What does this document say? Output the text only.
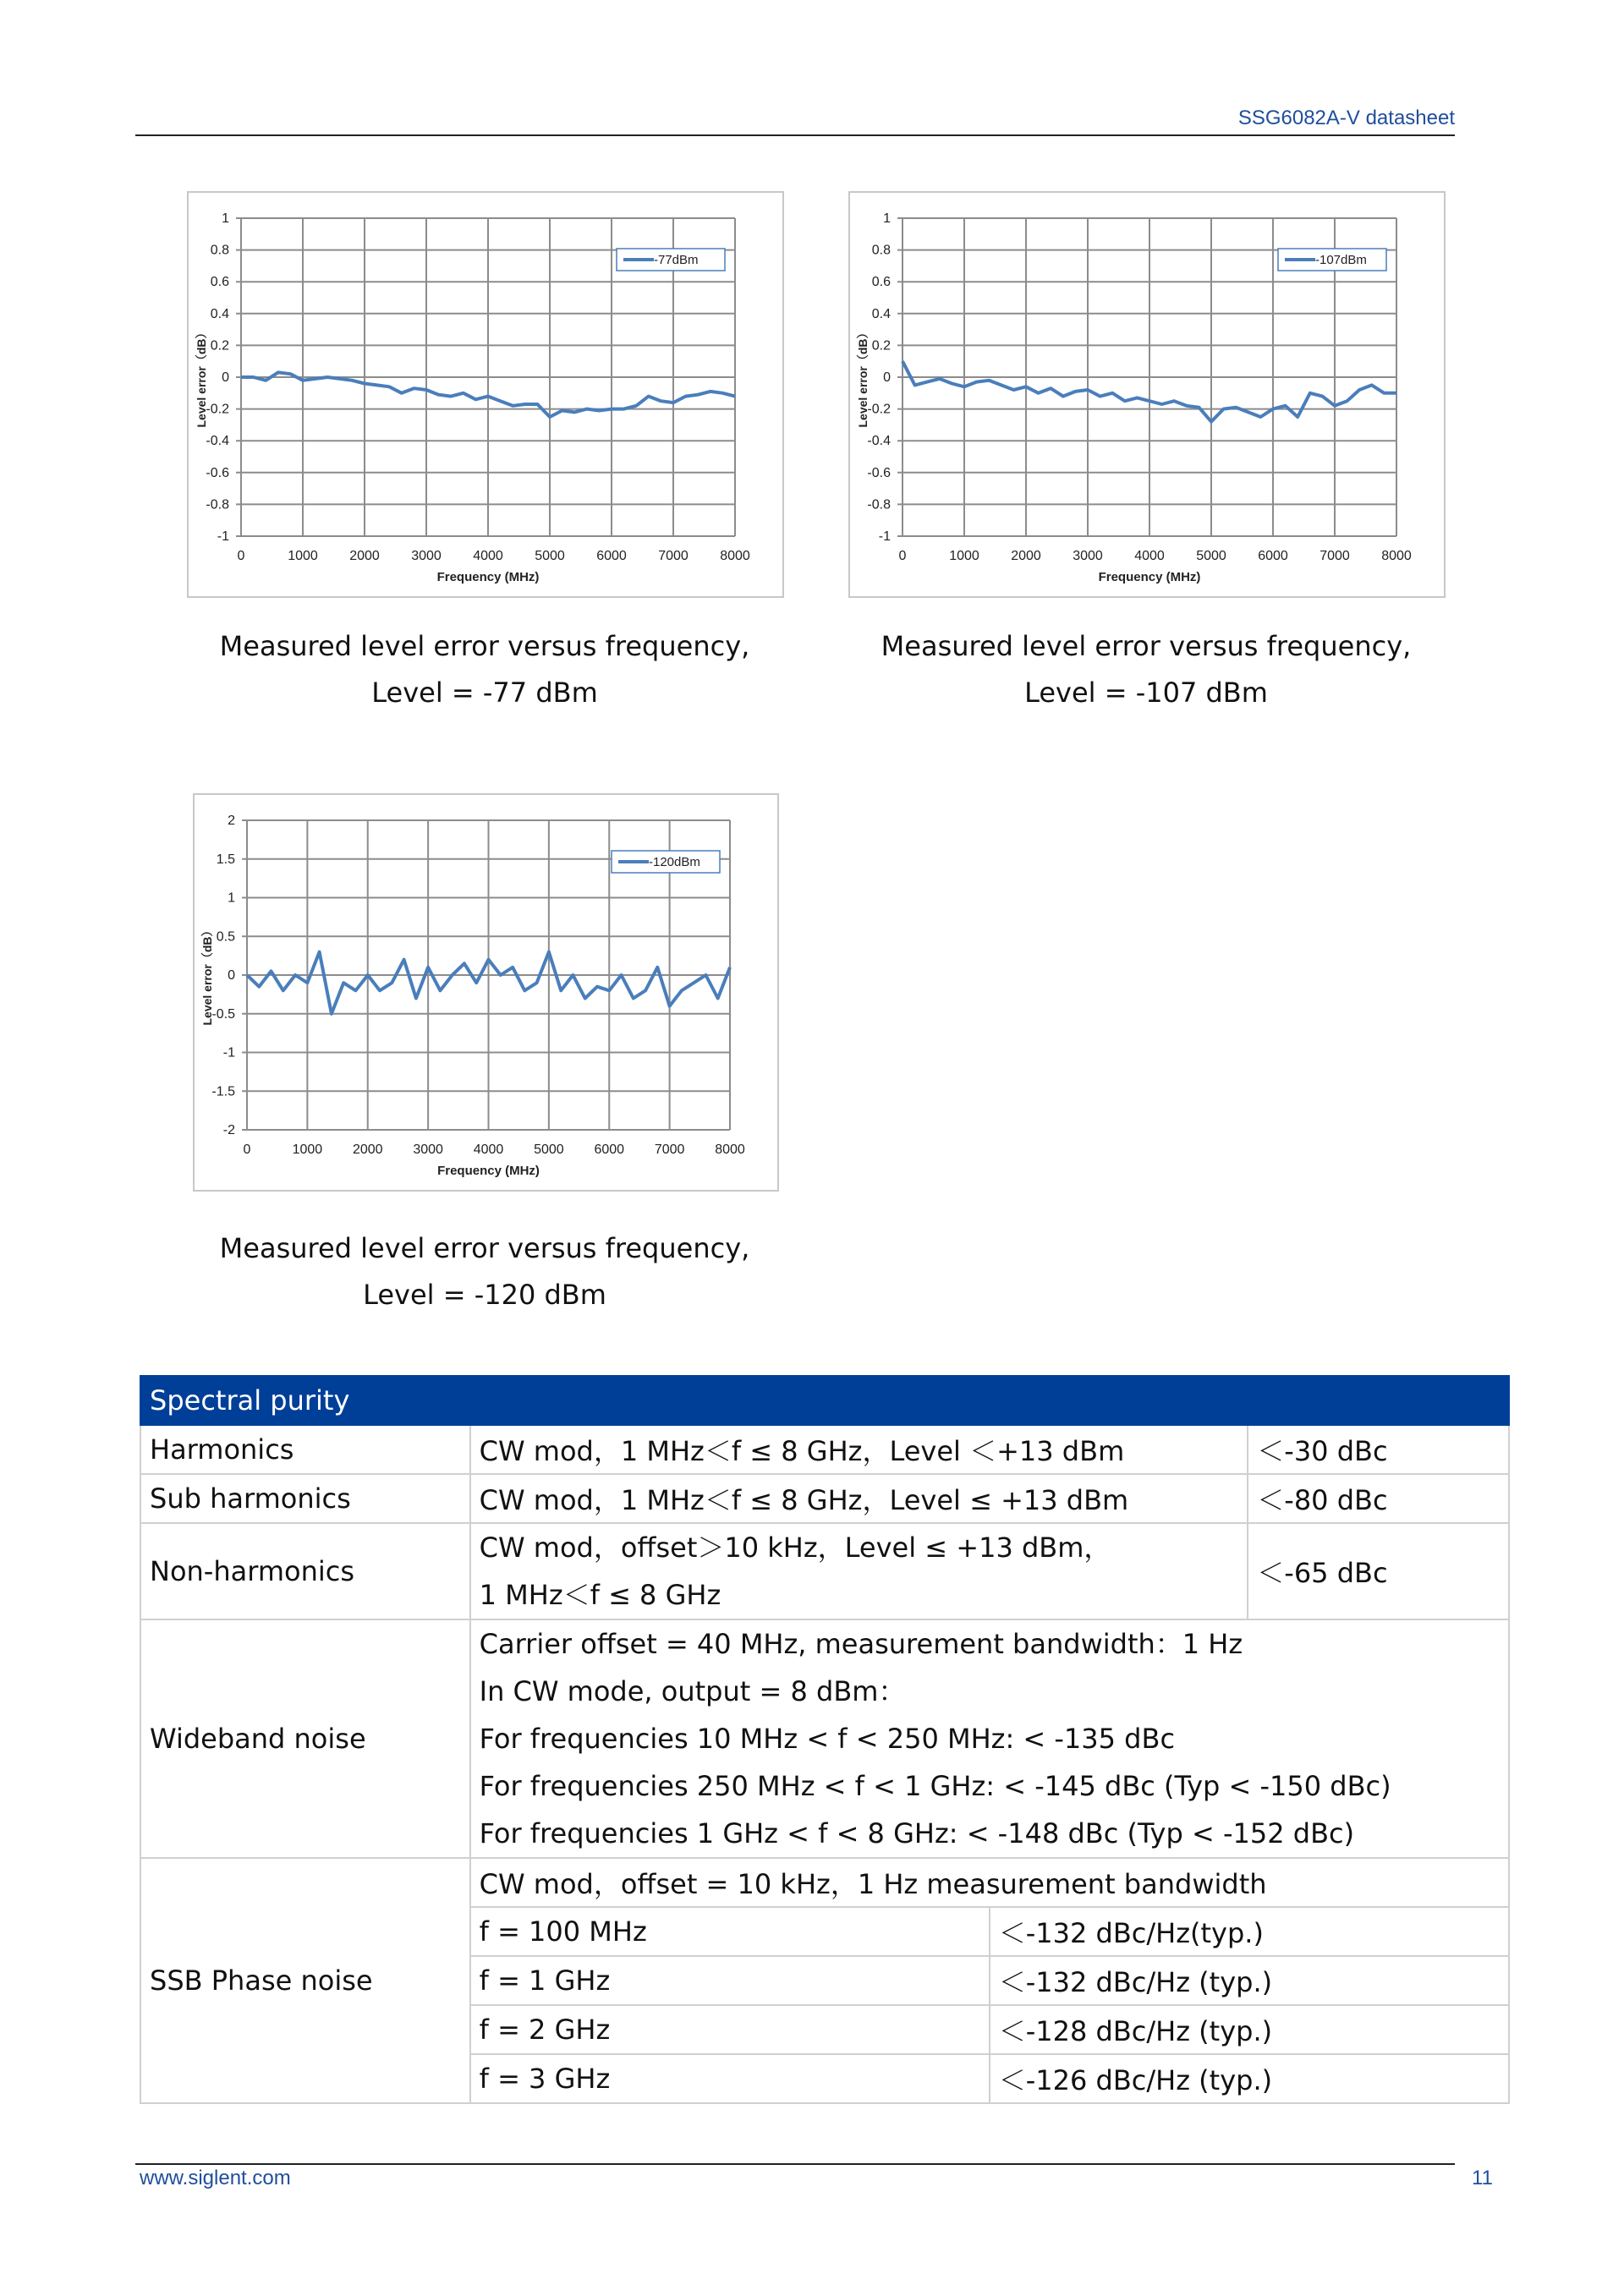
SSG6082A-V datasheet
0	1000 2000 3000 4000 5000 6000 7000 8000
1
0.8
0.6
0.4
0.2
0
-0.2
-0.4
-0.6
-0.8
-1
Frequency (MHz)
Level error（dB）
-77dBm
Measured level error versus frequency,
Level = -77 dBm
0	1000 2000 3000 4000 5000 6000 7000 8000
1
0.8
0.6
0.4
0.2
0
-0.2
-0.4
-0.6
-0.8
-1
Frequency (MHz)
Level error（dB）
-107dBm
Measured level error versus frequency,
Level = -107 dBm
0	1000 2000 3000 4000 5000 6000 7000 8000
2
1.5
1
0.5
0
-0.5
-1
-1.5
-2
Frequency (MHz)
Level error（dB）
-120dBm
Measured level error versus frequency,
Level = -120 dBm
Spectral purity			
Harmonics	CW mod，1 MHz＜f ≤ 8 GHz，Level ＜+13 dBm		＜-30 dBc
Sub harmonics	CW mod，1 MHz＜f ≤ 8 GHz，Level ≤ +13 dBm		＜-80 dBc
Non-harmonics	CW mod，offset＞10 kHz，Level ≤ +13 dBm，
1 MHz＜f ≤ 8 GHz		＜-65 dBc
Wideband noise	Carrier offset = 40 MHz, measurement bandwidth：1 Hz
In CW mode, output = 8 dBm：
For frequencies 10 MHz < f < 250 MHz: < -135 dBc
For frequencies 250 MHz < f < 1 GHz: < -145 dBc (Typ < -150 dBc)
For frequencies 1 GHz < f < 8 GHz: < -148 dBc (Typ < -152 dBc)		

SSB Phase noise	CW mod，offset = 10 kHz，1 Hz measurement bandwidth		
	f = 100 MHz	＜-132 dBc/Hz(typ.)	
	f = 1 GHz	＜-132 dBc/Hz (typ.)	
	f = 2 GHz	＜-128 dBc/Hz (typ.)	
	f = 3 GHz	＜-126 dBc/Hz (typ.)	
www.siglent.com	11
